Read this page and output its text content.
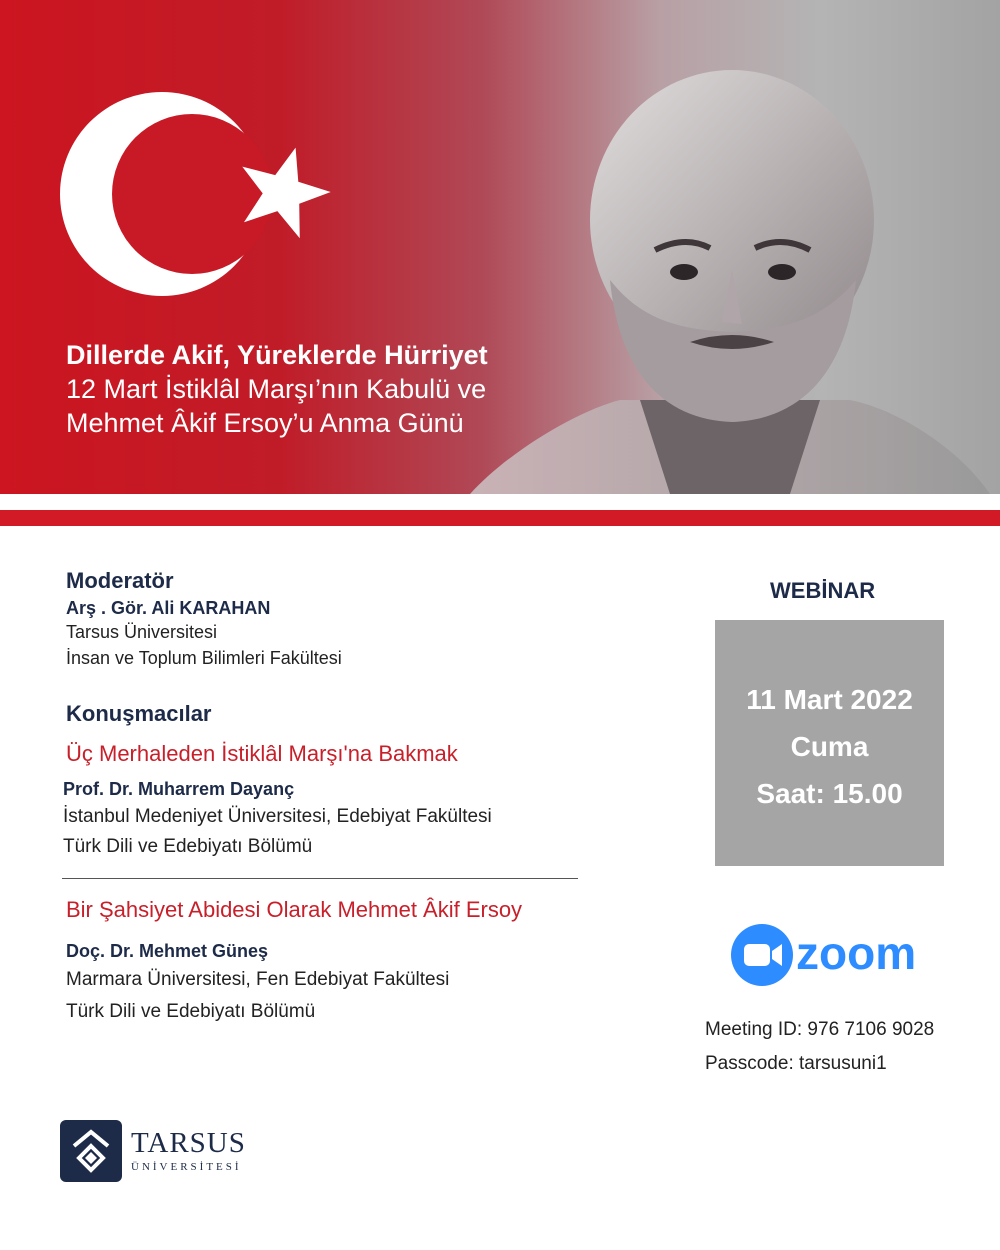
Dillerde Akif, Yüreklerde Hürriyet
12 Mart İstiklâl Marşı’nın Kabulü ve
Mehmet Âkif Ersoy’u Anma Günü
Moderatör
Arş . Gör. Ali KARAHAN
Tarsus Üniversitesi
İnsan ve Toplum Bilimleri Fakültesi
Konuşmacılar
Üç Merhaleden İstiklâl Marşı'na Bakmak
Prof. Dr. Muharrem Dayanç
İstanbul Medeniyet Üniversitesi, Edebiyat Fakültesi
Türk Dili ve Edebiyatı Bölümü
Bir Şahsiyet Abidesi Olarak Mehmet Âkif Ersoy
Doç. Dr. Mehmet Güneş
Marmara Üniversitesi, Fen Edebiyat Fakültesi
Türk Dili ve Edebiyatı Bölümü
WEBİNAR
11 Mart 2022
Cuma
Saat: 15.00
zoom
Meeting ID: 976 7106 9028
Passcode: tarsusuni1
TARSUS
ÜNİVERSİTESİ
